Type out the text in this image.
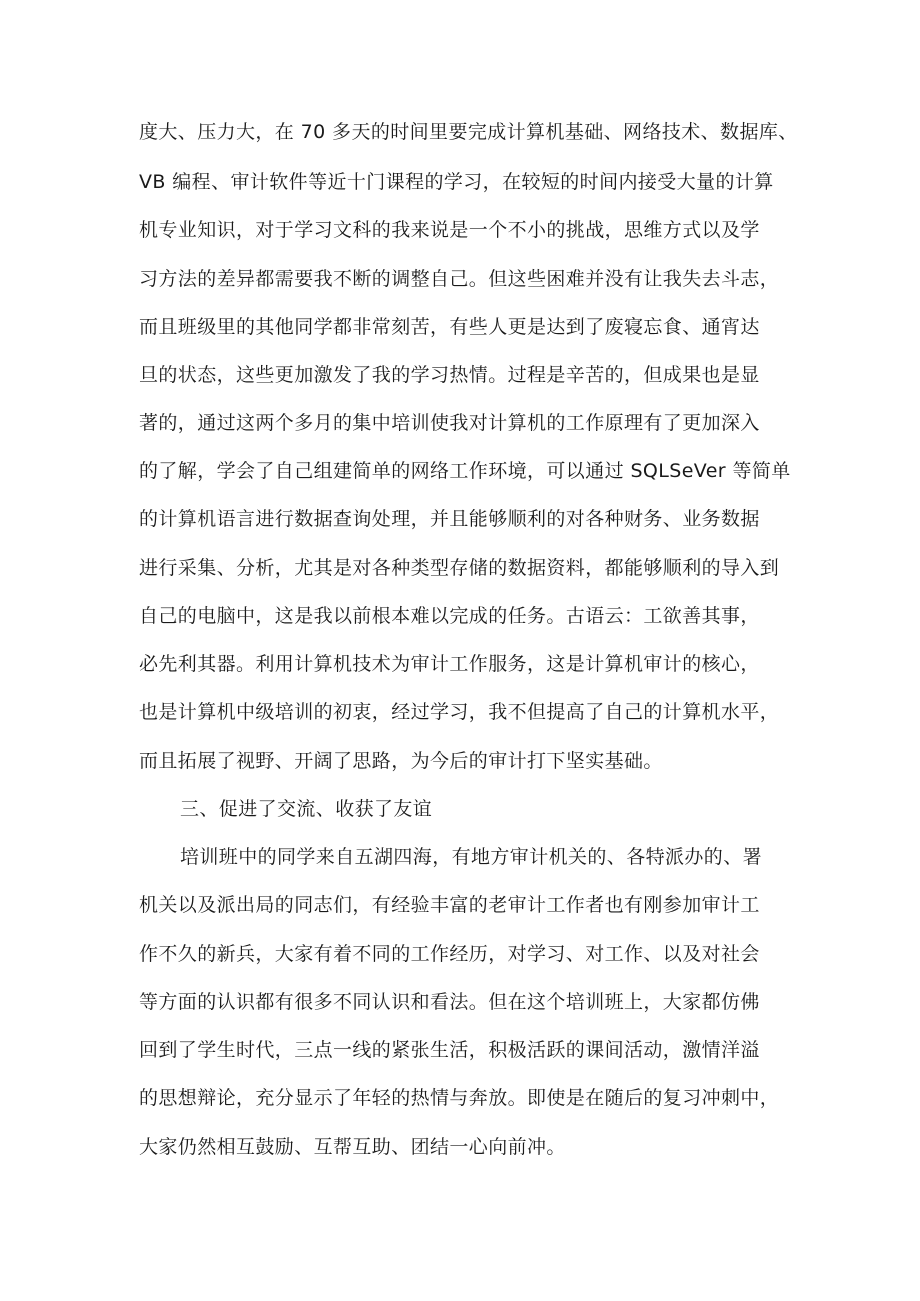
度大、压力大，在 70 多天的时间里要完成计算机基础、网络技术、数据库、
VB 编程、审计软件等近十门课程的学习，在较短的时间内接受大量的计算
机专业知识，对于学习文科的我来说是一个不小的挑战，思维方式以及学
习方法的差异都需要我不断的调整自己。但这些困难并没有让我失去斗志，
而且班级里的其他同学都非常刻苦，有些人更是达到了废寝忘食、通宵达
旦的状态，这些更加激发了我的学习热情。过程是辛苦的，但成果也是显
著的，通过这两个多月的集中培训使我对计算机的工作原理有了更加深入
的了解，学会了自己组建简单的网络工作环境，可以通过 SQLSeVer 等简单
的计算机语言进行数据查询处理，并且能够顺利的对各种财务、业务数据
进行采集、分析，尤其是对各种类型存储的数据资料，都能够顺利的导入到
自己的电脑中，这是我以前根本难以完成的任务。古语云：工欲善其事，
必先利其器。利用计算机技术为审计工作服务，这是计算机审计的核心，
也是计算机中级培训的初衷，经过学习，我不但提高了自己的计算机水平，
而且拓展了视野、开阔了思路，为今后的审计打下坚实基础。
三、促进了交流、收获了友谊
培训班中的同学来自五湖四海，有地方审计机关的、各特派办的、署
机关以及派出局的同志们，有经验丰富的老审计工作者也有刚参加审计工
作不久的新兵，大家有着不同的工作经历，对学习、对工作、以及对社会
等方面的认识都有很多不同认识和看法。但在这个培训班上，大家都仿佛
回到了学生时代，三点一线的紧张生活，积极活跃的课间活动，激情洋溢
的思想辩论，充分显示了年轻的热情与奔放。即使是在随后的复习冲刺中，
大家仍然相互鼓励、互帮互助、团结一心向前冲。
